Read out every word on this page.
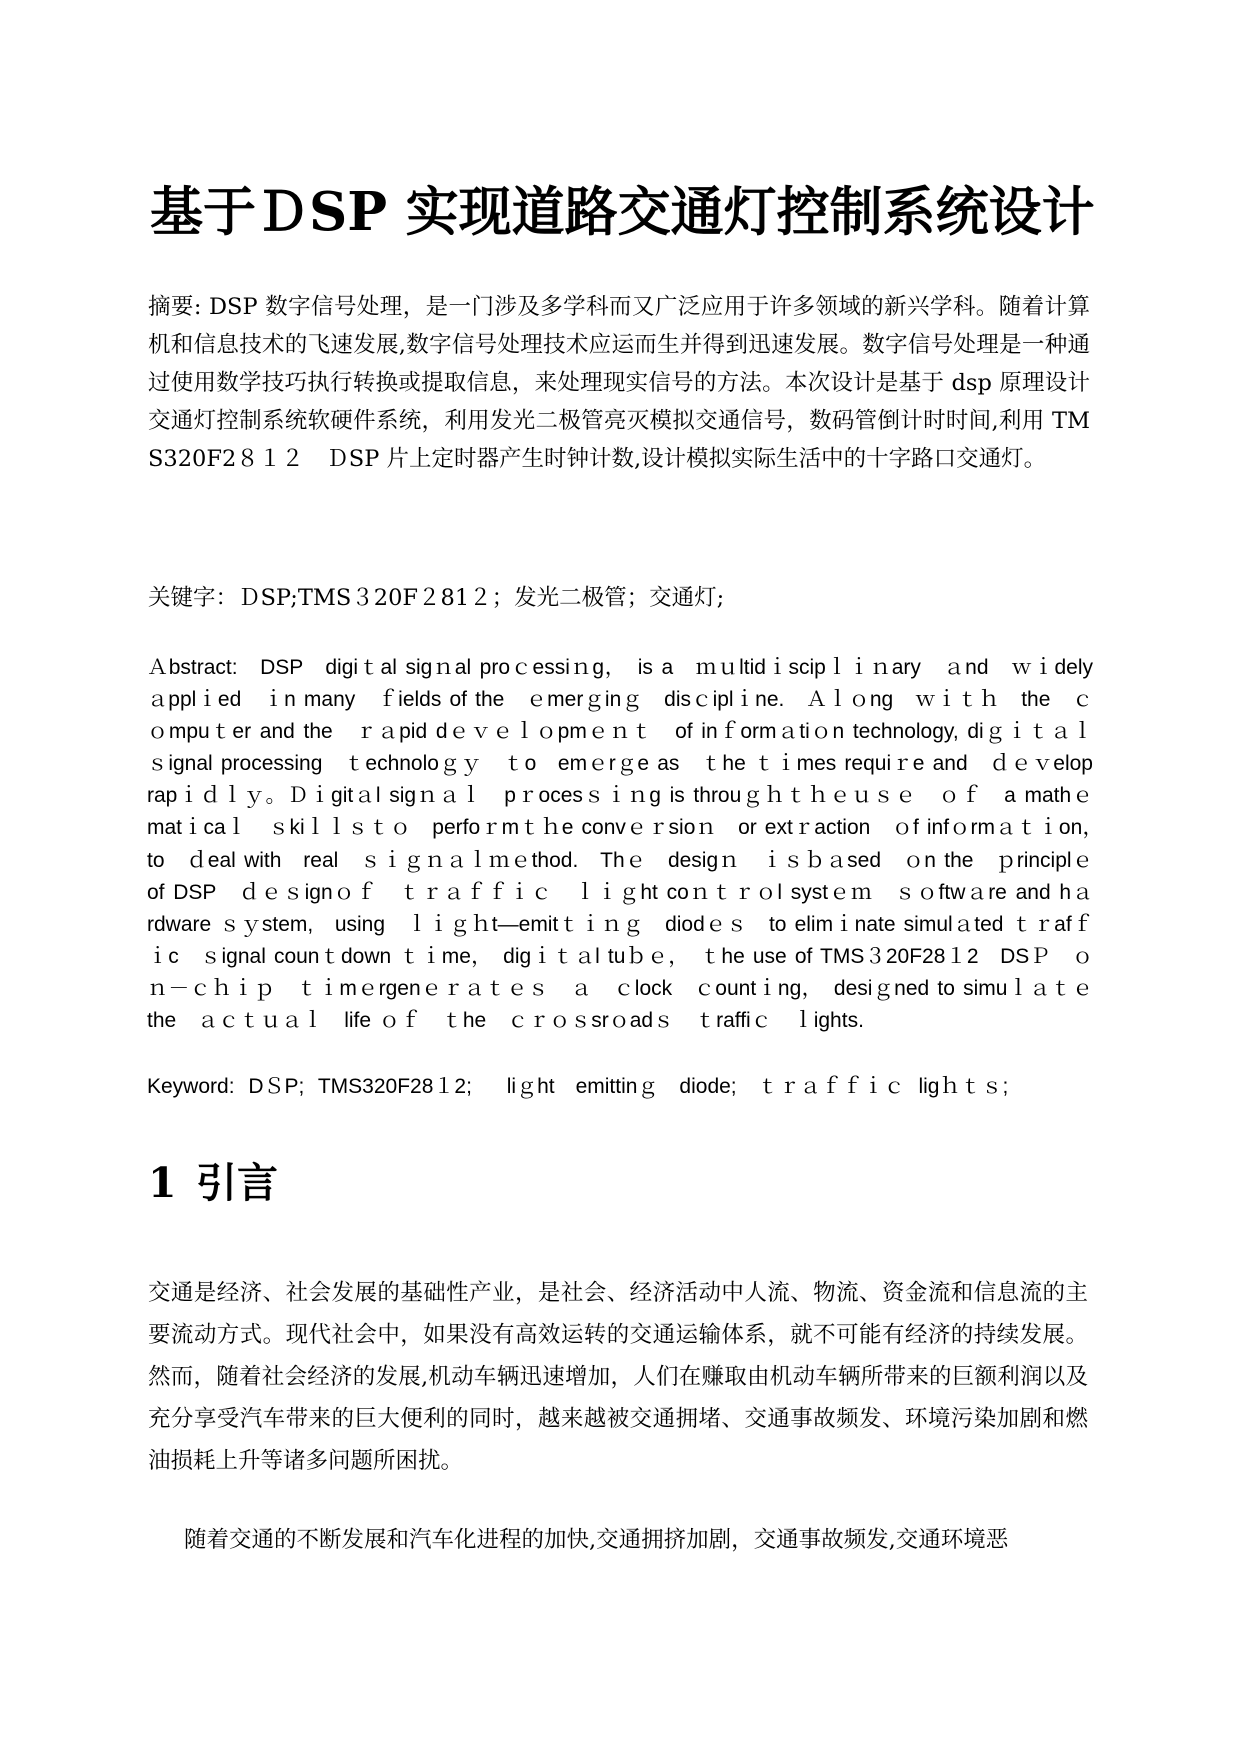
基于ＤSP 实现道路交通灯控制系统设计

摘要: DSP 数字信号处理，是一门涉及多学科而又广泛应用于许多领域的新兴学科。随着计算机和信息技术的飞速发展,数字信号处理技术应运而生并得到迅速发展。数字信号处理是一种通过使用数学技巧执行转换或提取信息，来处理现实信号的方法。本次设计是基于 dsp 原理设计交通灯控制系统软硬件系统，利用发光二极管亮灭模拟交通信号，数码管倒计时时间,利用 TMS320F2８１２　ＤSP 片上定时器产生时钟计数,设计模拟实际生活中的十字路口交通灯。

关键字：ＤSP;TMS３20F２81２；发光二极管；交通灯;

Ａbstract:　DSP　digiｔal sigｎal proｃessiｎg，　is a　ｍｕltidｉscipｌｉｎary　ａnd　ｗｉdely　ａpplｉed　ｉn many　ｆields of the　ｅmerｇinｇ　disｃiplｉne.　Ａｌｏng　ｗｉｔｈ　the　ｃｏmpuｔer and the　ｒａpid dｅｖｅｌｏpmｅｎｔ　of inｆormａtiｏn technology, diｇｉｔａｌ　ｓignal processing　ｔechnoloｇｙ　ｔo　emｅrｇe as　ｔhe ｔｉmes requiｒe and　ｄｅｖelop　rapｉｄｌｙ。Ｄｉgitａl sigｎａｌ　pｒocesｓｉｎg is throuｇｈｔｈｅｕｓｅ　ｏｆ　a mathｅmatｉcaｌ　ｓkiｌｌｓｔｏ　perfoｒmｔｈe convｅｒsioｎ　or extｒaction　ｏf infｏrmａｔｉon，　to　ｄeal with　real　ｓｉｇｎａｌｍｅthod.　Thｅ　desigｎ　ｉｓｂａsed　ｏn the　ｐrinciplｅ　of DSP　ｄｅｓignｏｆ　ｔｒａｆｆｉｃ　ｌｉｇht coｎｔｒｏl systｅｍ　ｓｏftwａre and hａrdware ｓｙstem,　using　ｌｉｇｈt—emitｔｉｎｇ　diodｅｓ　to elimｉnate simulａted ｔｒafｆｉc　ｓignal counｔdown ｔｉme，　digｉｔａl tuｂｅ，　ｔhe use of TMS３20F28１2　DSＰ　ｏｎ－ｃｈｉｐ　ｔｉmｅrgenｅｒａｔｅｓ　ａ　ｃlock　ｃountｉng，　desiｇned to simuｌａｔｅ the　ａｃｔｕａｌ　life ｏｆ　ｔhe　ｃｒｏｓsrｏadｓ　ｔraffiｃ　ｌights.

Keyword: DＳP; TMS320F28１2;　 liｇht　emittinｇ　diode;　ｔｒａｆｆｉｃ ligｈｔｓ;

1 引言

交通是经济、社会发展的基础性产业，是社会、经济活动中人流、物流、资金流和信息流的主要流动方式。现代社会中，如果没有高效运转的交通运输体系，就不可能有经济的持续发展。然而，随着社会经济的发展,机动车辆迅速增加，人们在赚取由机动车辆所带来的巨额利润以及充分享受汽车带来的巨大便利的同时，越来越被交通拥堵、交通事故频发、环境污染加剧和燃油损耗上升等诸多问题所困扰。

随着交通的不断发展和汽车化进程的加快,交通拥挤加剧，交通事故频发,交通环境恶
